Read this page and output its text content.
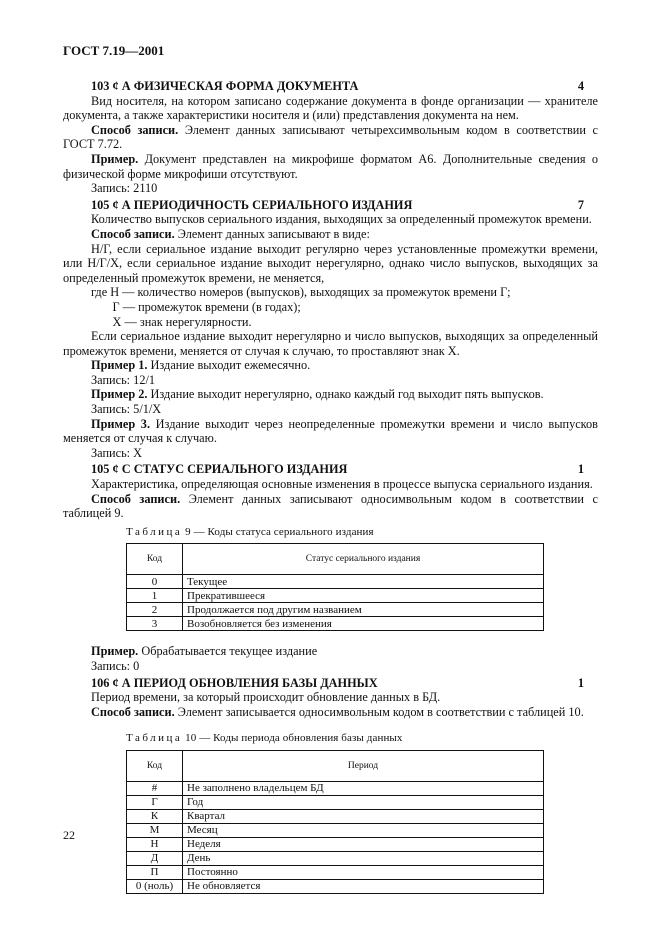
ГОСТ 7.19—2001
103 ¢ А ФИЗИЧЕСКАЯ ФОРМА ДОКУМЕНТА	4

Вид носителя, на котором записано содержание документа в фонде организации — хранителе документа, а также характеристики носителя и (или) представления документа на нем.

Способ записи. Элемент данных записывают четырехсимвольным кодом в соответствии с ГОСТ 7.72.

Пример. Документ представлен на микрофише форматом А6. Дополнительные сведения о физической форме микрофиши отсутствуют.

Запись: 2110

105 ¢ А ПЕРИОДИЧНОСТЬ СЕРИАЛЬНОГО ИЗДАНИЯ	7

Количество выпусков сериального издания, выходящих за определенный промежуток времени.

Способ записи. Элемент данных записывают в виде:

Н/Г, если сериальное издание выходит регулярно через установленные промежутки времени, или Н/Г/Х, если сериальное издание выходит нерегулярно, однако число выпусков, выходящих за определенный промежуток времени, не меняется,

где Н — количество номеров (выпусков), выходящих за промежуток времени Г;

Г — промежуток времени (в годах);

Х — знак нерегулярности.

Если сериальное издание выходит нерегулярно и число выпусков, выходящих за определенный промежуток времени, меняется от случая к случаю, то проставляют знак Х.

Пример 1. Издание выходит ежемесячно.

Запись: 12/1

Пример 2. Издание выходит нерегулярно, однако каждый год выходит пять выпусков.

Запись: 5/1/Х

Пример 3. Издание выходит через неопределенные промежутки времени и число выпусков меняется от случая к случаю.

Запись: Х

105 ¢ С СТАТУС СЕРИАЛЬНОГО ИЗДАНИЯ	1

Характеристика, определяющая основные изменения в процессе выпуска сериального издания.

Способ записи. Элемент данных записывают односимвольным кодом в соответствии с таблицей 9.

Таблица 9 — Коды статуса сериального издания
Код	Статус сериального издания
0	Текущее
1	Прекратившееся
2	Продолжается под другим названием
3	Возобновляется без изменения

Пример. Обрабатывается текущее издание

Запись: 0

106 ¢ А ПЕРИОД ОБНОВЛЕНИЯ БАЗЫ ДАННЫХ	1

Период времени, за который происходит обновление данных в БД.

Способ записи. Элемент записывается односимвольным кодом в соответствии с таблицей 10.

Таблица 10 — Коды периода обновления базы данных
Код	Период
#	Не заполнено владельцем БД
Г	Год
К	Квартал
М	Месяц
Н	Неделя
Д	День
П	Постоянно
0 (ноль)	Не обновляется
22
